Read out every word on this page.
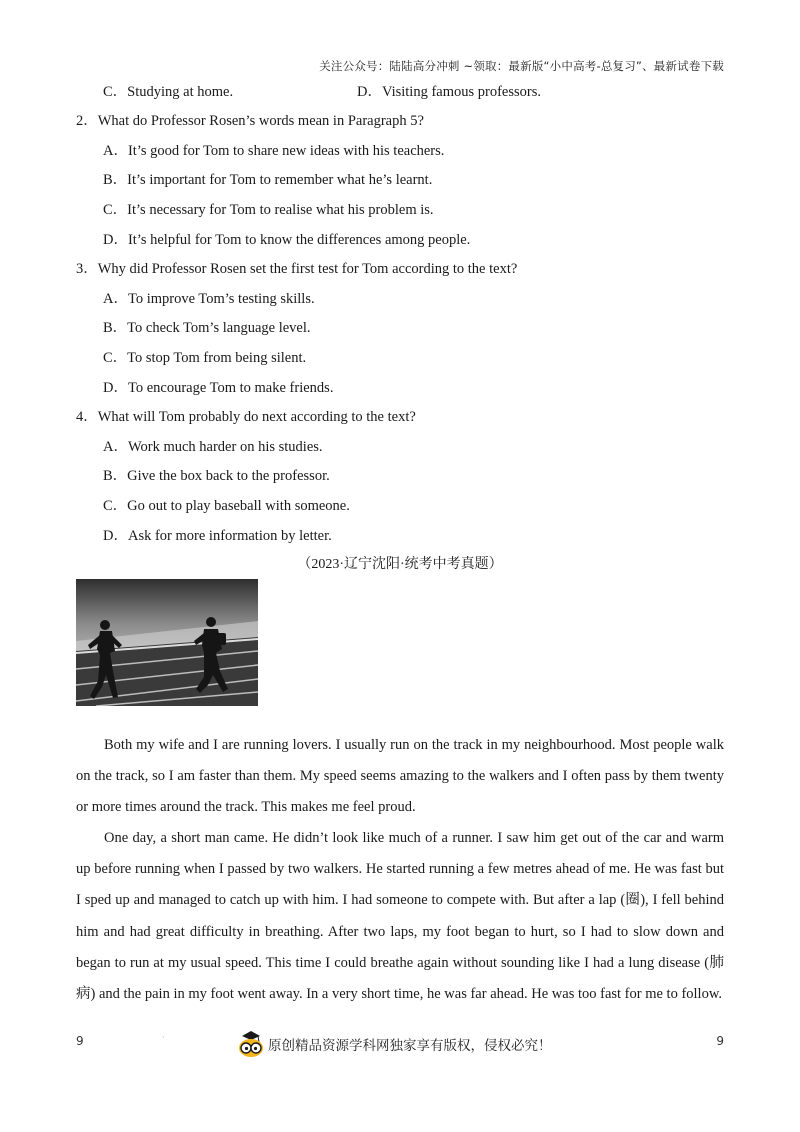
关注公众号：陆陆高分冲刺 ~领取：最新版“小中高考-总复习”、最新试卷下载
C．Studying at home.	D．Visiting famous professors.
2．What do Professor Rosen’s words mean in Paragraph 5?
A．It’s good for Tom to share new ideas with his teachers.
B．It’s important for Tom to remember what he’s learnt.
C．It’s necessary for Tom to realise what his problem is.
D．It’s helpful for Tom to know the differences among people.
3．Why did Professor Rosen set the first test for Tom according to the text?
A．To improve Tom’s testing skills.
B．To check Tom’s language level.
C．To stop Tom from being silent.
D．To encourage Tom to make friends.
4．What will Tom probably do next according to the text?
A．Work much harder on his studies.
B．Give the box back to the professor.
C．Go out to play baseball with someone.
D．Ask for more information by letter.
（2023·辽宁沈阳·统考中考真题）
Both my wife and I are running lovers. I usually run on the track in my neighbourhood. Most people walk on the track, so I am faster than them. My speed seems amazing to the walkers and I often pass by them twenty or more times around the track. This makes me feel proud.
One day, a short man came. He didn’t look like much of a runner. I saw him get out of the car and warm up before running when I passed by two walkers. He started running a few metres ahead of me. He was fast but I sped up and managed to catch up with him. I had someone to compete with. But after a lap (圈), I fell behind him and had great difficulty in breathing. After two laps, my foot began to hurt, so I had to slow down and began to run at my usual speed. This time I could breathe again without sounding like I had a lung disease (肺病) and the pain in my foot went away. In a very short time, he was far ahead. He was too fast for me to follow.
9	·
原创精品资源学科网独家享有版权，侵权必究！	9
